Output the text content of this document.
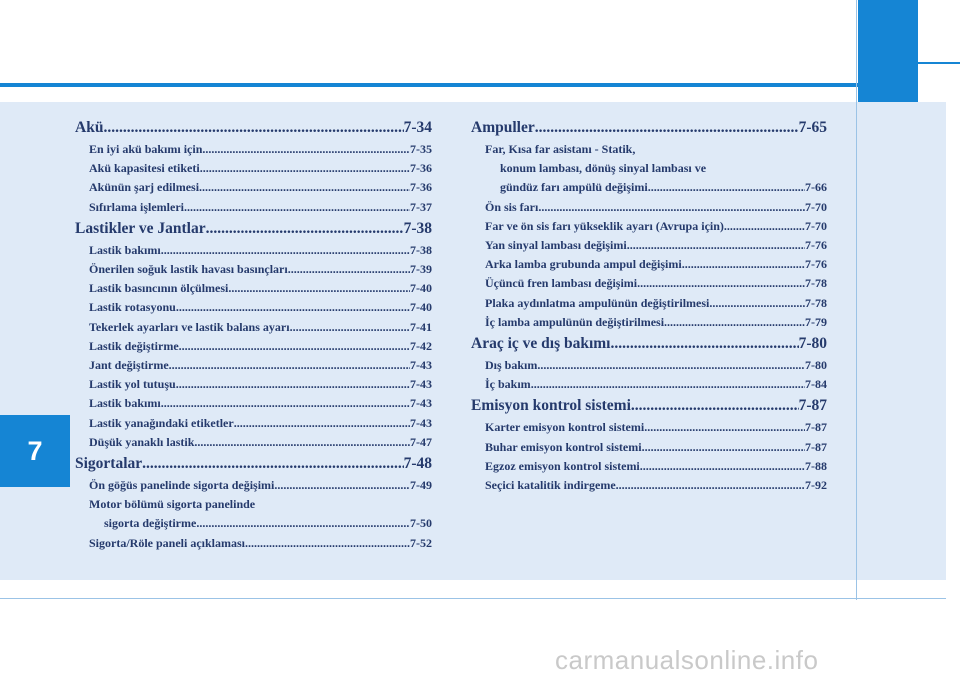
7
Akü .....	7-34
En iyi akü bakımı için .....	7-35
Akü kapasitesi etiketi .....	7-36
Akünün şarj edilmesi .....	7-36
Sıfırlama işlemleri .....	7-37
Lastikler ve Jantlar .....	7-38
Lastik bakımı .....	7-38
Önerilen soğuk lastik havası basınçları .....	7-39
Lastik basıncının ölçülmesi .....	7-40
Lastik rotasyonu .....	7-40
Tekerlek ayarları ve lastik balans ayarı .....	7-41
Lastik değiştirme .....	7-42
Jant değiştirme .....	7-43
Lastik yol tutuşu .....	7-43
Lastik bakımı .....	7-43
Lastik yanağındaki etiketler .....	7-43
Düşük yanaklı lastik .....	7-47
Sigortalar .....	7-48
Ön göğüs panelinde sigorta değişimi .....	7-49
Motor bölümü sigorta panelinde
sigorta değiştirme .....	7-50
Sigorta/Röle paneli açıklaması .....	7-52
Ampuller .....	7-65
Far, Kısa far asistanı - Statik,
konum lambası, dönüş sinyal lambası ve
gündüz farı ampülü değişimi .....	7-66
Ön sis farı .....	7-70
Far ve ön sis farı yükseklik ayarı (Avrupa için) .....	7-70
Yan sinyal lambası değişimi .....	7-76
Arka lamba grubunda ampul değişimi .....	7-76
Üçüncü fren lambası değişimi .....	7-78
Plaka aydınlatma ampulünün değiştirilmesi .....	7-78
İç lamba ampulünün değiştirilmesi .....	7-79
Araç iç ve dış bakımı .....	7-80
Dış bakım .....	7-80
İç bakım .....	7-84
Emisyon kontrol sistemi .....	7-87
Karter emisyon kontrol sistemi .....	7-87
Buhar emisyon kontrol sistemi .....	7-87
Egzoz emisyon kontrol sistemi .....	7-88
Seçici katalitik indirgeme .....	7-92
carmanualsonline.info
